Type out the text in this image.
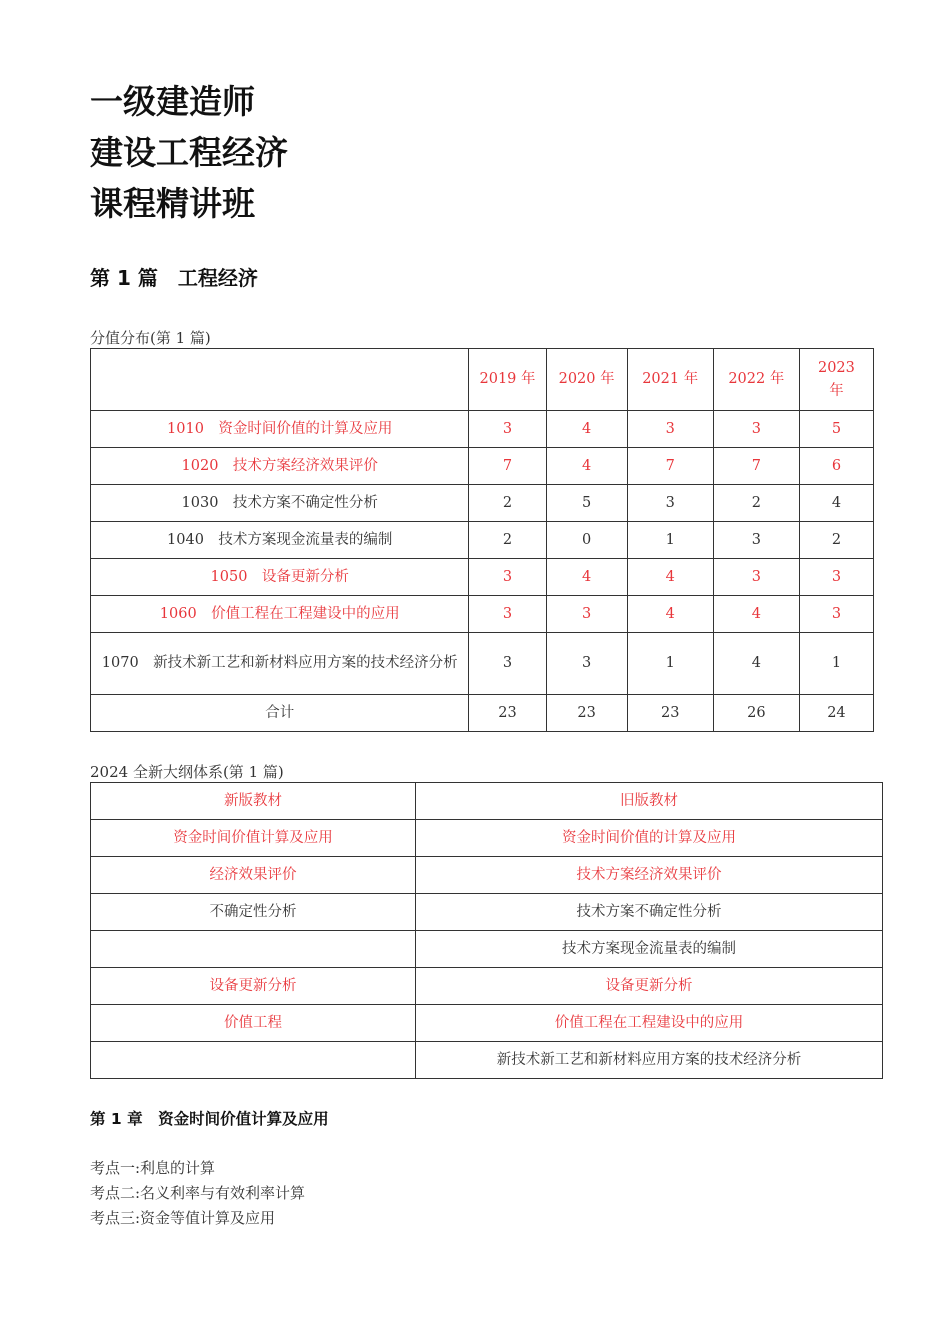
一级建造师
建设工程经济
课程精讲班
第 1 篇　工程经济
分值分布(第 1 篇)
	2019 年	2020 年	2021 年	2022 年	2023 年
1010　资金时间价值的计算及应用	3	4	3	3	5
1020　技术方案经济效果评价	7	4	7	7	6
1030　技术方案不确定性分析	2	5	3	2	4
1040　技术方案现金流量表的编制	2	0	1	3	2
1050　设备更新分析	3	4	4	3	3
1060　价值工程在工程建设中的应用	3	3	4	4	3
1070　新技术新工艺和新材料应用方案的技术经济分析	3	3	1	4	1
合计	23	23	23	26	24
2024 全新大纲体系(第 1 篇)
新版教材	旧版教材
资金时间价值计算及应用	资金时间价值的计算及应用
经济效果评价	技术方案经济效果评价
不确定性分析	技术方案不确定性分析
	技术方案现金流量表的编制
设备更新分析	设备更新分析
价值工程	价值工程在工程建设中的应用
	新技术新工艺和新材料应用方案的技术经济分析
第 1 章　资金时间价值计算及应用
考点一:利息的计算
考点二:名义利率与有效利率计算
考点三:资金等值计算及应用
